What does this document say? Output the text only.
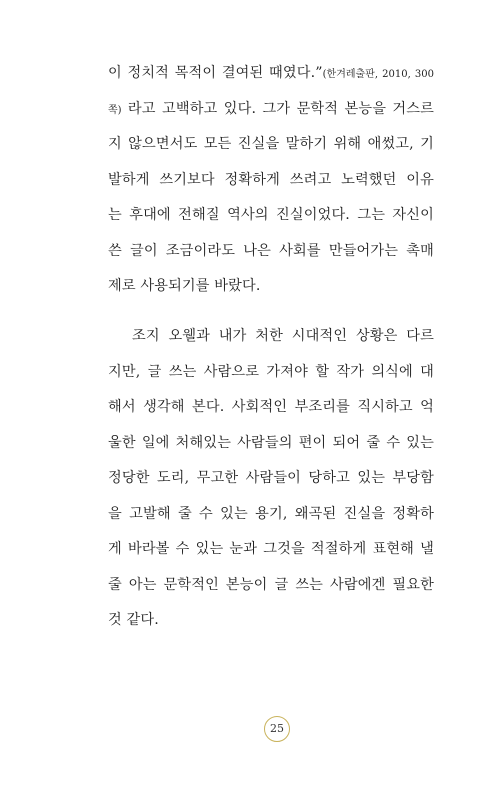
이 정치적 목적이 결여된 때였다.”(한겨레출판, 2010, 300
쪽) 라고 고백하고 있다. 그가 문학적 본능을 거스르
지 않으면서도 모든 진실을 말하기 위해 애썼고, 기
발하게 쓰기보다 정확하게 쓰려고 노력했던 이유
는 후대에 전해질 역사의 진실이었다. 그는 자신이
쓴 글이 조금이라도 나은 사회를 만들어가는 촉매
제로 사용되기를 바랐다.
조지 오웰과 내가 처한 시대적인 상황은 다르
지만, 글 쓰는 사람으로 가져야 할 작가 의식에 대
해서 생각해 본다. 사회적인 부조리를 직시하고 억
울한 일에 처해있는 사람들의 편이 되어 줄 수 있는
정당한 도리, 무고한 사람들이 당하고 있는 부당함
을 고발해 줄 수 있는 용기, 왜곡된 진실을 정확하
게 바라볼 수 있는 눈과 그것을 적절하게 표현해 낼
줄 아는 문학적인 본능이 글 쓰는 사람에겐 필요한
것 같다.
25
